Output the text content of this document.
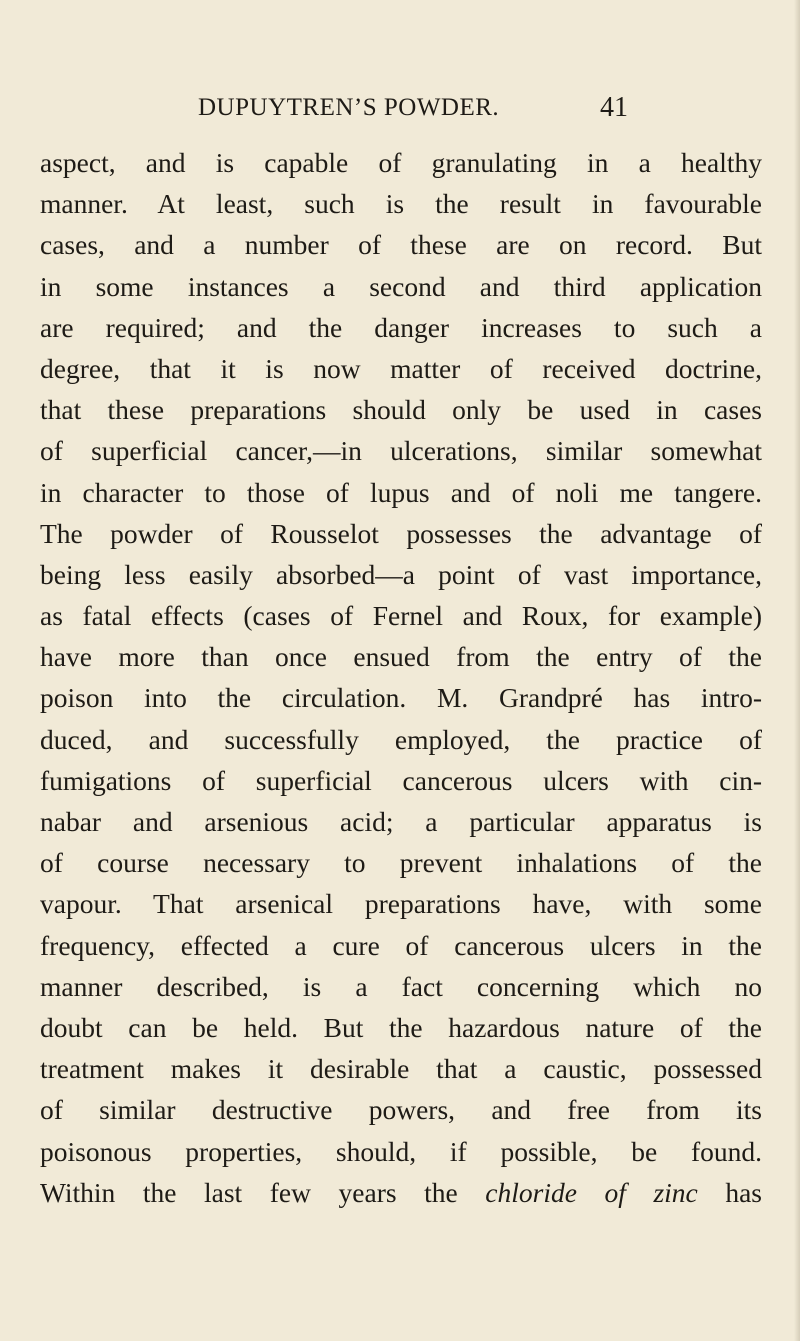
DUPUYTREN’S POWDER.	41
aspect, and is capable of granulating in a healthy
manner. At least, such is the result in favourable
cases, and a number of these are on record. But
in some instances a second and third application
are required; and the danger increases to such a
degree, that it is now matter of received doctrine,
that these preparations should only be used in cases
of superficial cancer,—in ulcerations, similar somewhat
in character to those of lupus and of noli me tangere.
The powder of Rousselot possesses the advantage of
being less easily absorbed—a point of vast importance,
as fatal effects (cases of Fernel and Roux, for example)
have more than once ensued from the entry of the
poison into the circulation. M. Grandpré has intro-
duced, and successfully employed, the practice of
fumigations of superficial cancerous ulcers with cin-
nabar and arsenious acid; a particular apparatus is
of course necessary to prevent inhalations of the
vapour. That arsenical preparations have, with some
frequency, effected a cure of cancerous ulcers in the
manner described, is a fact concerning which no
doubt can be held. But the hazardous nature of the
treatment makes it desirable that a caustic, possessed
of similar destructive powers, and free from its
poisonous properties, should, if possible, be found.
Within the last few years the chloride of zinc has
